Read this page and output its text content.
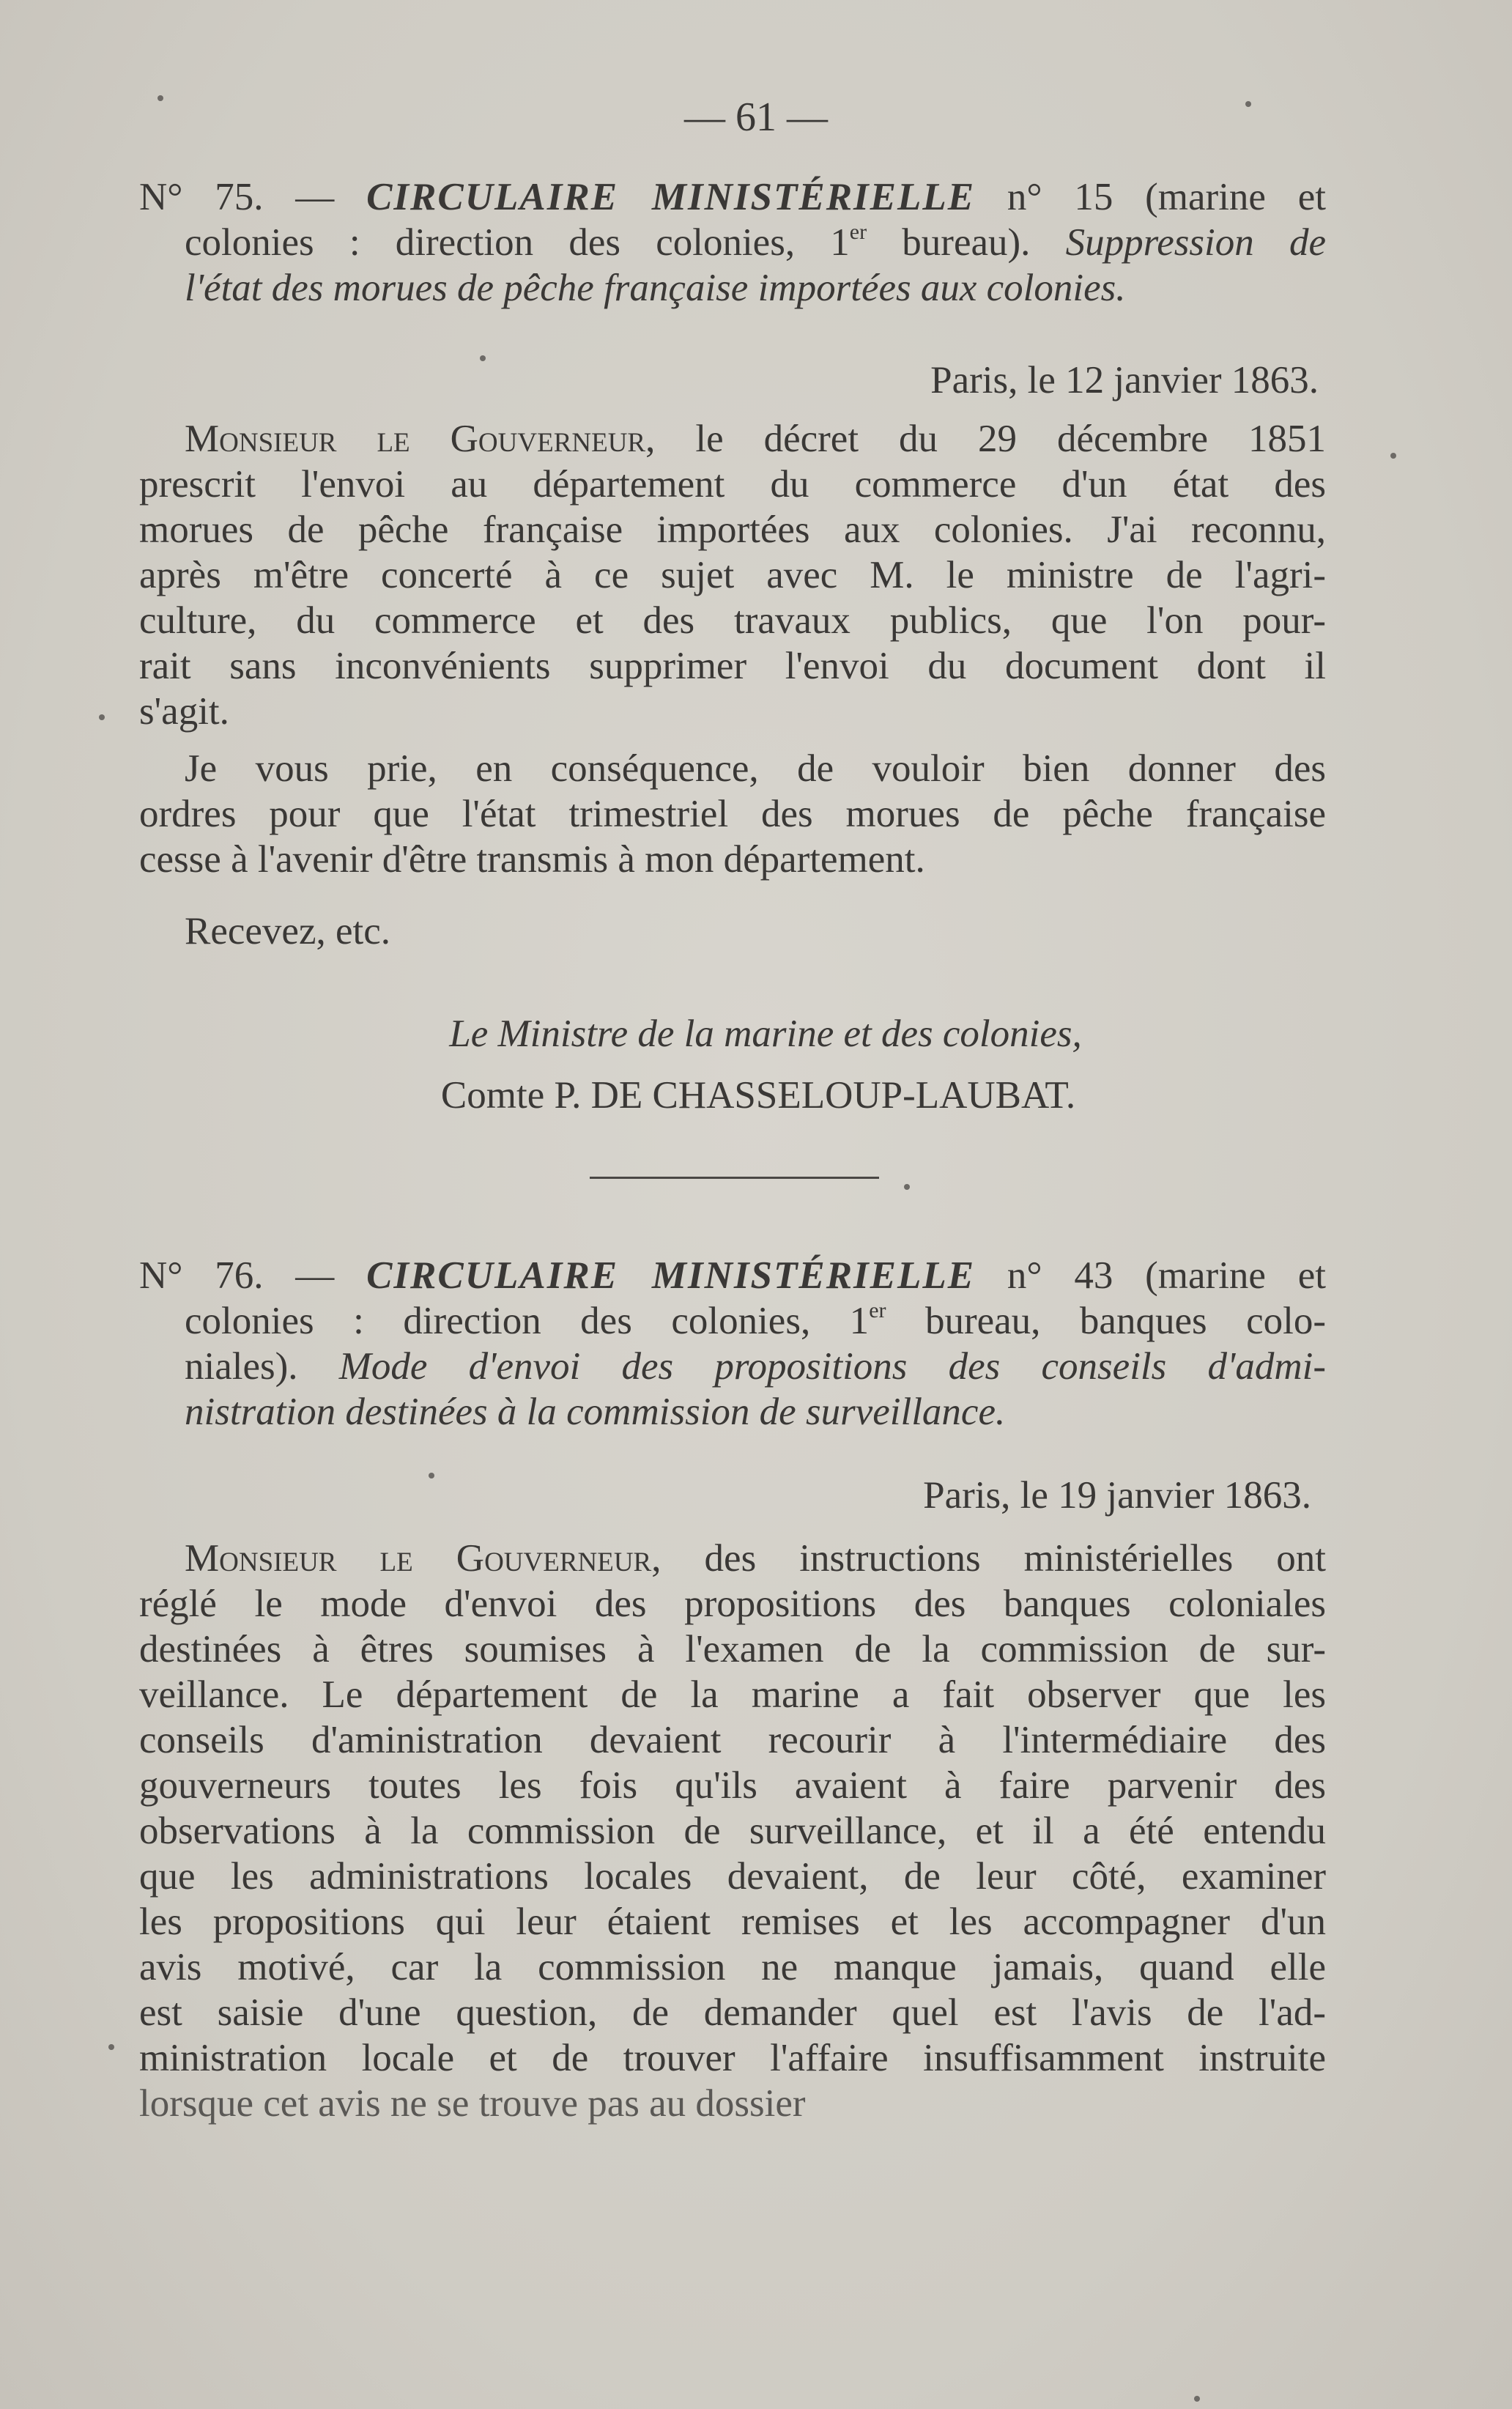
— 61 —
N° 75. — CIRCULAIRE MINISTÉRIELLE n° 15 (marine et
colonies : direction des colonies, 1er bureau). Suppression de
l'état des morues de pêche française importées aux colonies.
Paris, le 12 janvier 1863.
Monsieur le Gouverneur, le décret du 29 décembre 1851
prescrit l'envoi au département du commerce d'un état des
morues de pêche française importées aux colonies. J'ai reconnu,
après m'être concerté à ce sujet avec M. le ministre de l'agri-
culture, du commerce et des travaux publics, que l'on pour-
rait sans inconvénients supprimer l'envoi du document dont il
s'agit.
Je vous prie, en conséquence, de vouloir bien donner des
ordres pour que l'état trimestriel des morues de pêche française
cesse à l'avenir d'être transmis à mon département.
Recevez, etc.
Le Ministre de la marine et des colonies,
Comte P. DE CHASSELOUP-LAUBAT.
N° 76. — CIRCULAIRE MINISTÉRIELLE n° 43 (marine et
colonies : direction des colonies, 1er bureau, banques colo-
niales). Mode d'envoi des propositions des conseils d'admi-
nistration destinées à la commission de surveillance.
Paris, le 19 janvier 1863.
Monsieur le Gouverneur, des instructions ministérielles ont
réglé le mode d'envoi des propositions des banques coloniales
destinées à êtres soumises à l'examen de la commission de sur-
veillance. Le département de la marine a fait observer que les
conseils d'aministration devaient recourir à l'intermédiaire des
gouverneurs toutes les fois qu'ils avaient à faire parvenir des
observations à la commission de surveillance, et il a été entendu
que les administrations locales devaient, de leur côté, examiner
les propositions qui leur étaient remises et les accompagner d'un
avis motivé, car la commission ne manque jamais, quand elle
est saisie d'une question, de demander quel est l'avis de l'ad-
ministration locale et de trouver l'affaire insuffisamment instruite
lorsque cet avis ne se trouve pas au dossier
